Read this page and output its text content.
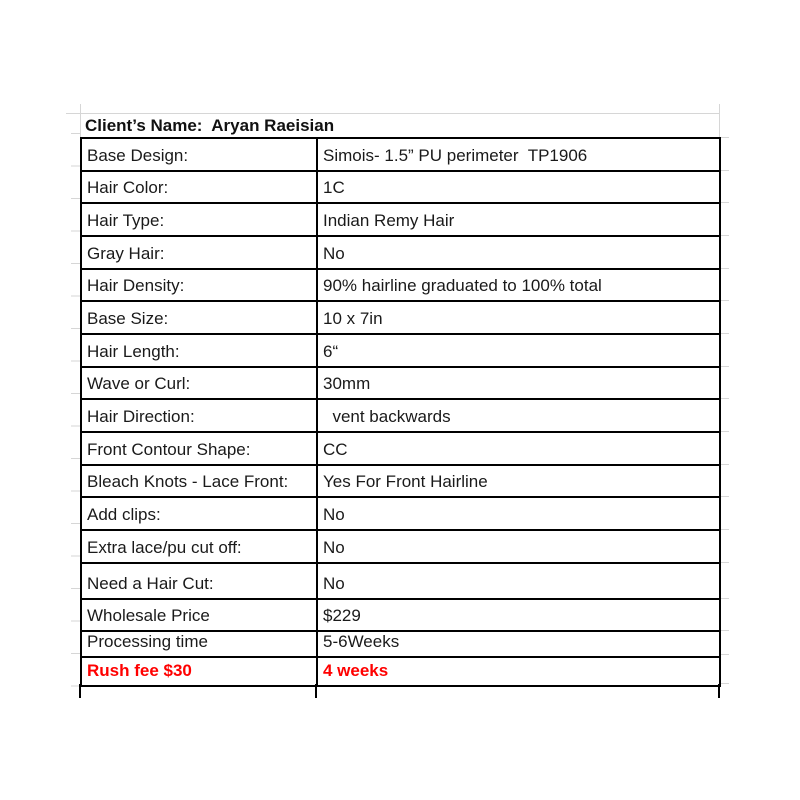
Client’s Name:  Aryan Raeisian
Base Design:	Simois- 1.5” PU perimeter  TP1906
Hair Color:	1C
Hair Type:	Indian Remy Hair
Gray Hair:	No
Hair Density:	90% hairline graduated to 100% total
Base Size:	10 x 7in
Hair Length:	6“
Wave or Curl:	30mm
Hair Direction:	vent backwards
Front Contour Shape:	CC
Bleach Knots - Lace Front:	Yes For Front Hairline
Add clips:	No
Extra lace/pu cut off:	No
Need a Hair Cut:	No
Wholesale Price	$229
Processing time	5-6Weeks
Rush fee $30	4 weeks
